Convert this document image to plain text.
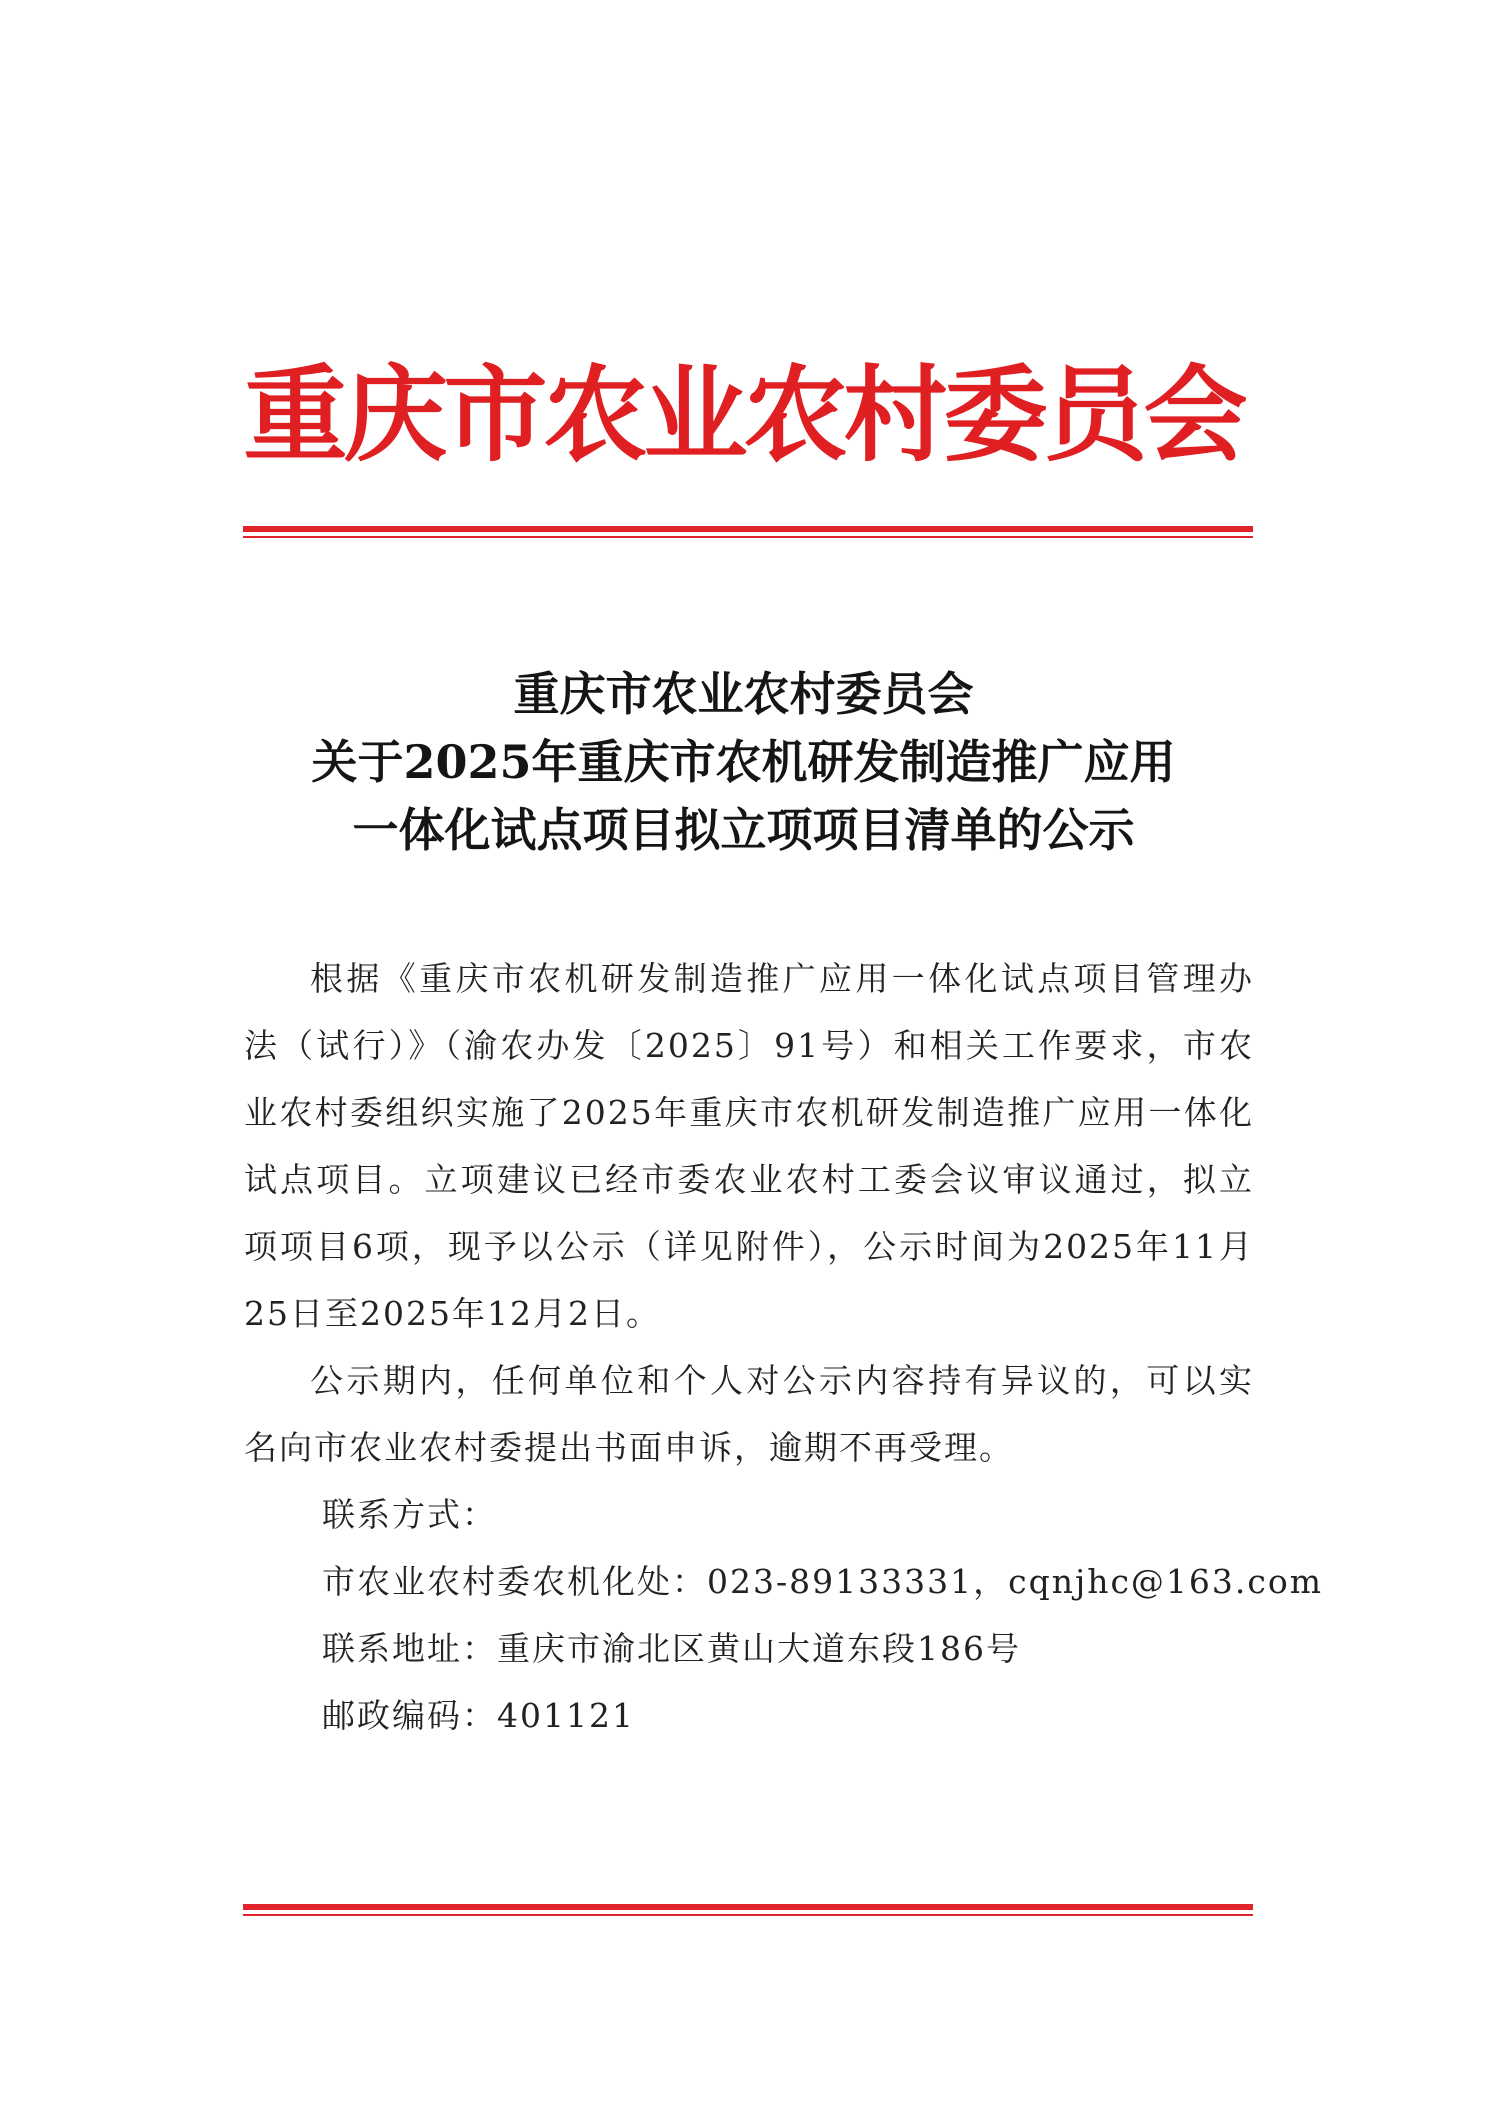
重庆市农业农村委员会
重庆市农业农村委员会
关于2025年重庆市农机研发制造推广应用
一体化试点项目拟立项项目清单的公示

根据《重庆市农机研发制造推广应用一体化试点项目管理办法（试行）》（渝农办发〔2025〕91号）和相关工作要求，市农业农村委组织实施了2025年重庆市农机研发制造推广应用一体化试点项目。立项建议已经市委农业农村工委会议审议通过，拟立项项目6项，现予以公示（详见附件），公示时间为2025年11月25日至2025年12月2日。

公示期内，任何单位和个人对公示内容持有异议的，可以实名向市农业农村委提出书面申诉，逾期不再受理。

联系方式：

市农业农村委农机化处：023-89133331，cqnjhc@163.com

联系地址：重庆市渝北区黄山大道东段186号

邮政编码：401121
